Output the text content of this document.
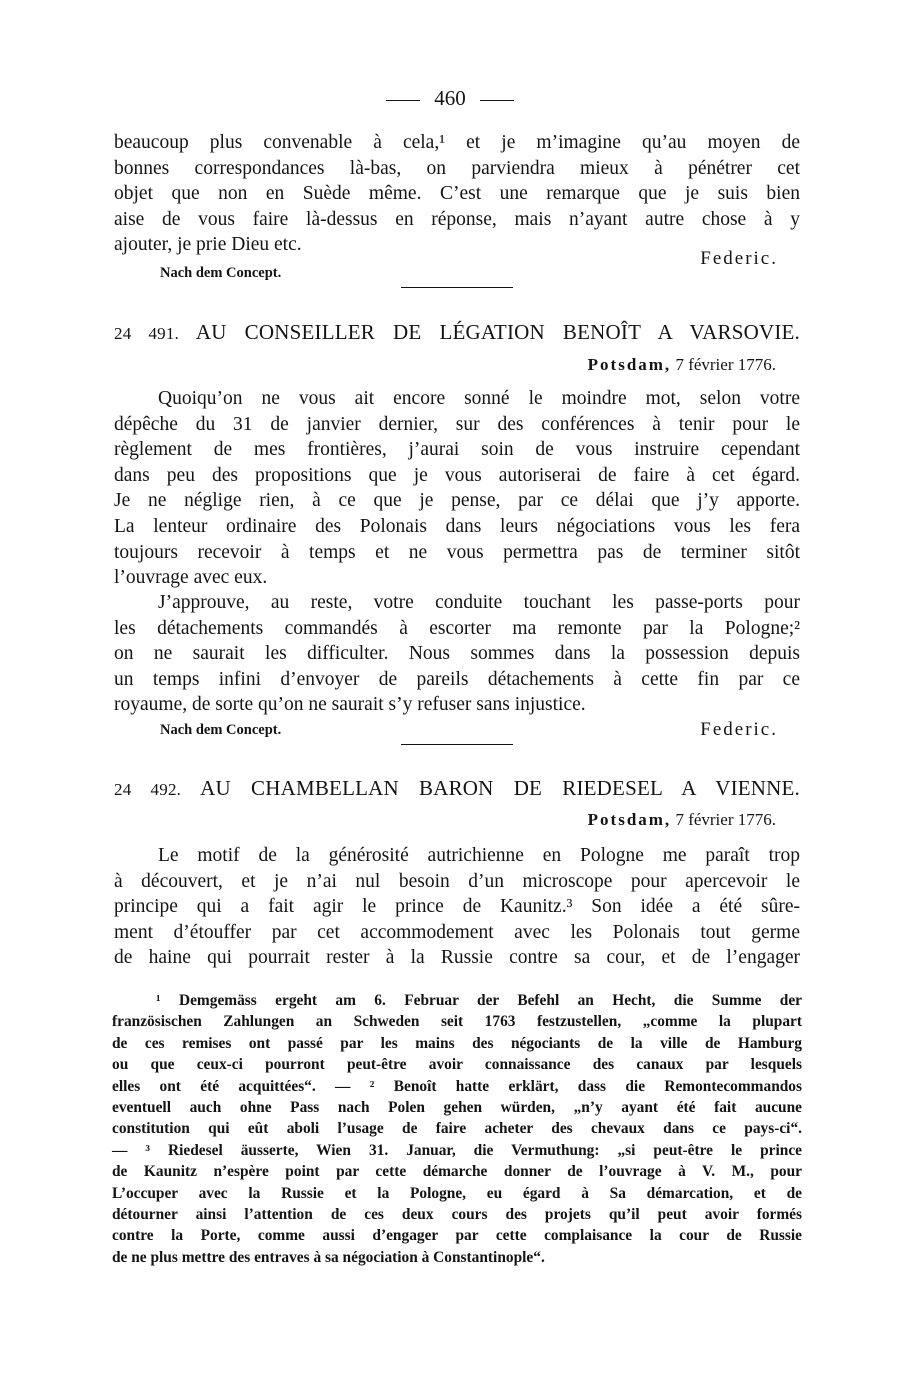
460
beaucoup plus convenable à cela,¹ et je m’imagine qu’au moyen de
bonnes correspondances là-bas, on parviendra mieux à pénétrer cet
objet que non en Suède même. C’est une remarque que je suis bien
aise de vous faire là-dessus en réponse, mais n’ayant autre chose à y
ajouter, je prie Dieu etc.
Federic.
Nach dem Concept.
24 491. AU CONSEILLER DE LÉGATION BENOÎT A VARSOVIE.
Potsdam, 7 février 1776.
Quoiqu’on ne vous ait encore sonné le moindre mot, selon votre
dépêche du 31 de janvier dernier, sur des conférences à tenir pour le
règlement de mes frontières, j’aurai soin de vous instruire cependant
dans peu des propositions que je vous autoriserai de faire à cet égard.
Je ne néglige rien, à ce que je pense, par ce délai que j’y apporte.
La lenteur ordinaire des Polonais dans leurs négociations vous les fera
toujours recevoir à temps et ne vous permettra pas de terminer sitôt
l’ouvrage avec eux.
J’approuve, au reste, votre conduite touchant les passe-ports pour
les détachements commandés à escorter ma remonte par la Pologne;²
on ne saurait les difficulter. Nous sommes dans la possession depuis
un temps infini d’envoyer de pareils détachements à cette fin par ce
royaume, de sorte qu’on ne saurait s’y refuser sans injustice.
Nach dem Concept.	Federic.
24 492. AU CHAMBELLAN BARON DE RIEDESEL A VIENNE.
Potsdam, 7 février 1776.
Le motif de la générosité autrichienne en Pologne me paraît trop
à découvert, et je n’ai nul besoin d’un microscope pour apercevoir le
principe qui a fait agir le prince de Kaunitz.³ Son idée a été sûre-
ment d’étouffer par cet accommodement avec les Polonais tout germe
de haine qui pourrait rester à la Russie contre sa cour, et de l’engager
¹ Demgemäss ergeht am 6. Februar der Befehl an Hecht, die Summe der
französischen Zahlungen an Schweden seit 1763 festzustellen, „comme la plupart
de ces remises ont passé par les mains des négociants de la ville de Hamburg
ou que ceux-ci pourront peut-être avoir connaissance des canaux par lesquels
elles ont été acquittées“. — ² Benoît hatte erklärt, dass die Remontecommandos
eventuell auch ohne Pass nach Polen gehen würden, „n’y ayant été fait aucune
constitution qui eût aboli l’usage de faire acheter des chevaux dans ce pays-ci“.
— ³ Riedesel äusserte, Wien 31. Januar, die Vermuthung: „si peut-être le prince
de Kaunitz n’espère point par cette démarche donner de l’ouvrage à V. M., pour
L’occuper avec la Russie et la Pologne, eu égard à Sa démarcation, et de
détourner ainsi l’attention de ces deux cours des projets qu’il peut avoir formés
contre la Porte, comme aussi d’engager par cette complaisance la cour de Russie
de ne plus mettre des entraves à sa négociation à Constantinople“.
